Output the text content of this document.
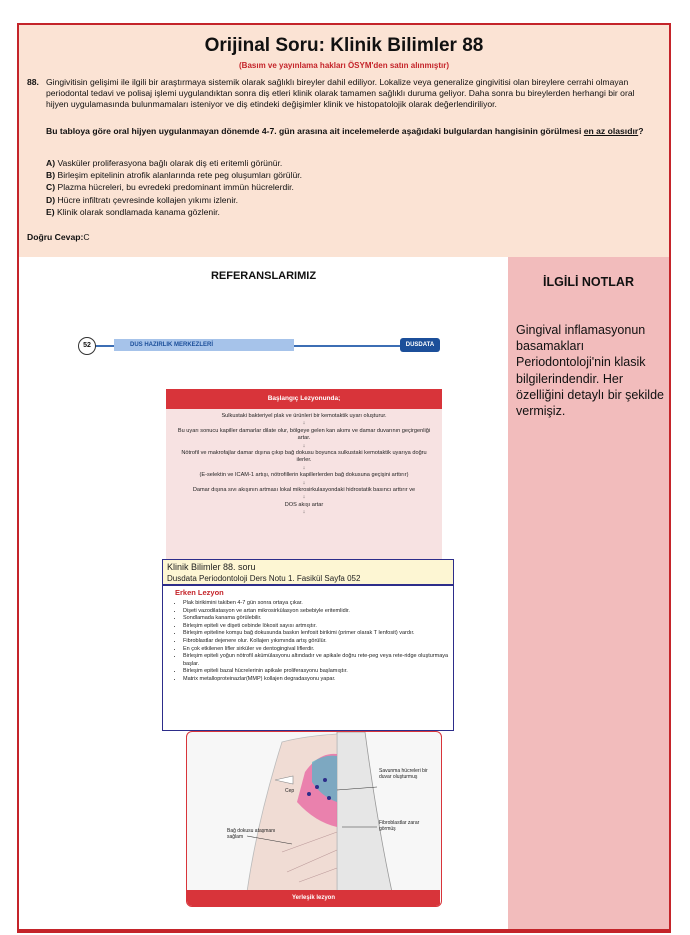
Orijinal Soru: Klinik Bilimler 88
(Basım ve yayınlama hakları ÖSYM'den satın alınmıştır)
88. Gingivitisin gelişimi ile ilgili bir araştırmaya sistemik olarak sağlıklı bireyler dahil ediliyor. Lokalize veya generalize gingivitisi olan bireylere cerrahi olmayan periodontal tedavi ve polisaj işlemi uygulandıktan sonra diş etleri klinik olarak tamamen sağlıklı duruma geliyor. Daha sonra bu bireylerden herhangi bir oral hijyen uygulamasında bulunmamaları isteniyor ve diş etindeki değişimler klinik ve histopatolojik olarak değerlendiriliyor.
Bu tabloya göre oral hijyen uygulanmayan dönemde 4-7. gün arasına ait incelemelerde aşağıdaki bulgulardan hangisinin görülmesi en az olasıdır?
A) Vasküler proliferasyona bağlı olarak diş eti eritemli görünür.
B) Birleşim epitelinin atrofik alanlarında rete peg oluşumları görülür.
C) Plazma hücreleri, bu evredeki predominant immün hücrelerdir.
D) Hücre infiltratı çevresinde kollajen yıkımı izlenir.
E) Klinik olarak sondlamada kanama gözlenir.
Doğru Cevap:C
REFERANSLARIMIZ
DUS HAZIRLIK MERKEZLERİ
52	DUSDATA
Başlangıç Lezyonunda;
Sulkustaki bakteriyel plak ve ürünleri bir kemotaktik uyarı oluşturur.
↓
Bu uyarı sonucu kapiller damarlar dilate olur, bölgeye gelen kan akımı ve damar duvarının geçirgenliği artar.
↓
Nötrofil ve makrofajlar damar dışına çıkıp bağ dokusu boyunca sulkustaki kemotaktik uyarıya doğru ilerler.
↓
(E-selektin ve ICAM-1 artışı, nötrofillerin kapillerlerden bağ dokusuna geçişini arttırır)
↓
Damar dışına sıvı akışının artması lokal mikrosirkulasyondaki hidrostatik basıncı arttırır ve
↓
DOS akışı artar
↓
Klinik Bilimler 88. soru
Dusdata Periodontoloji Ders Notu 1. Fasikül Sayfa 052
Erken Lezyon
• Plak birikimini takiben 4-7 gün sonra ortaya çıkar.
• Dişeti vazodilatasyon ve artan mikrosirkülasyon sebebiyle eritemlidir.
• Sondlamada kanama görülebilir.
• Birleşim epiteli ve dişeti cebinde lökosit sayısı artmıştır.
• Birleşim epiteline komşu bağ dokusunda baskın lenfosit birikimi (primer olarak T lenfosit) vardır.
• Fibroblastlar dejenere olur. Kollajen yıkımında artış görülür.
• En çok etkilenen lifler sirküler ve dentogingival liflerdir.
• Birleşim epiteli yoğun nötrofil akümülasyonu altındadır ve apikale doğru rete-peg veya rete-ridge oluşturmaya başlar.
• Birleşim epiteli bazal hücrelerinin apikale proliferasyonu başlamıştır.
• Matrix metalloproteinazlar(MMP) kollajen degradasyonu yapar.
Cep
Savunma hücreleri bir duvar oluşturmuş
Fibroblastlar zarar görmüş
Bağ dokusu ataşmanı sağlam
Yerleşik lezyon
İLGİLİ NOTLAR
Gingival inflamasyonun basamakları Periodontoloji'nin klasik bilgilerindendir. Her özelliğini detaylı bir şekilde vermişiz.
